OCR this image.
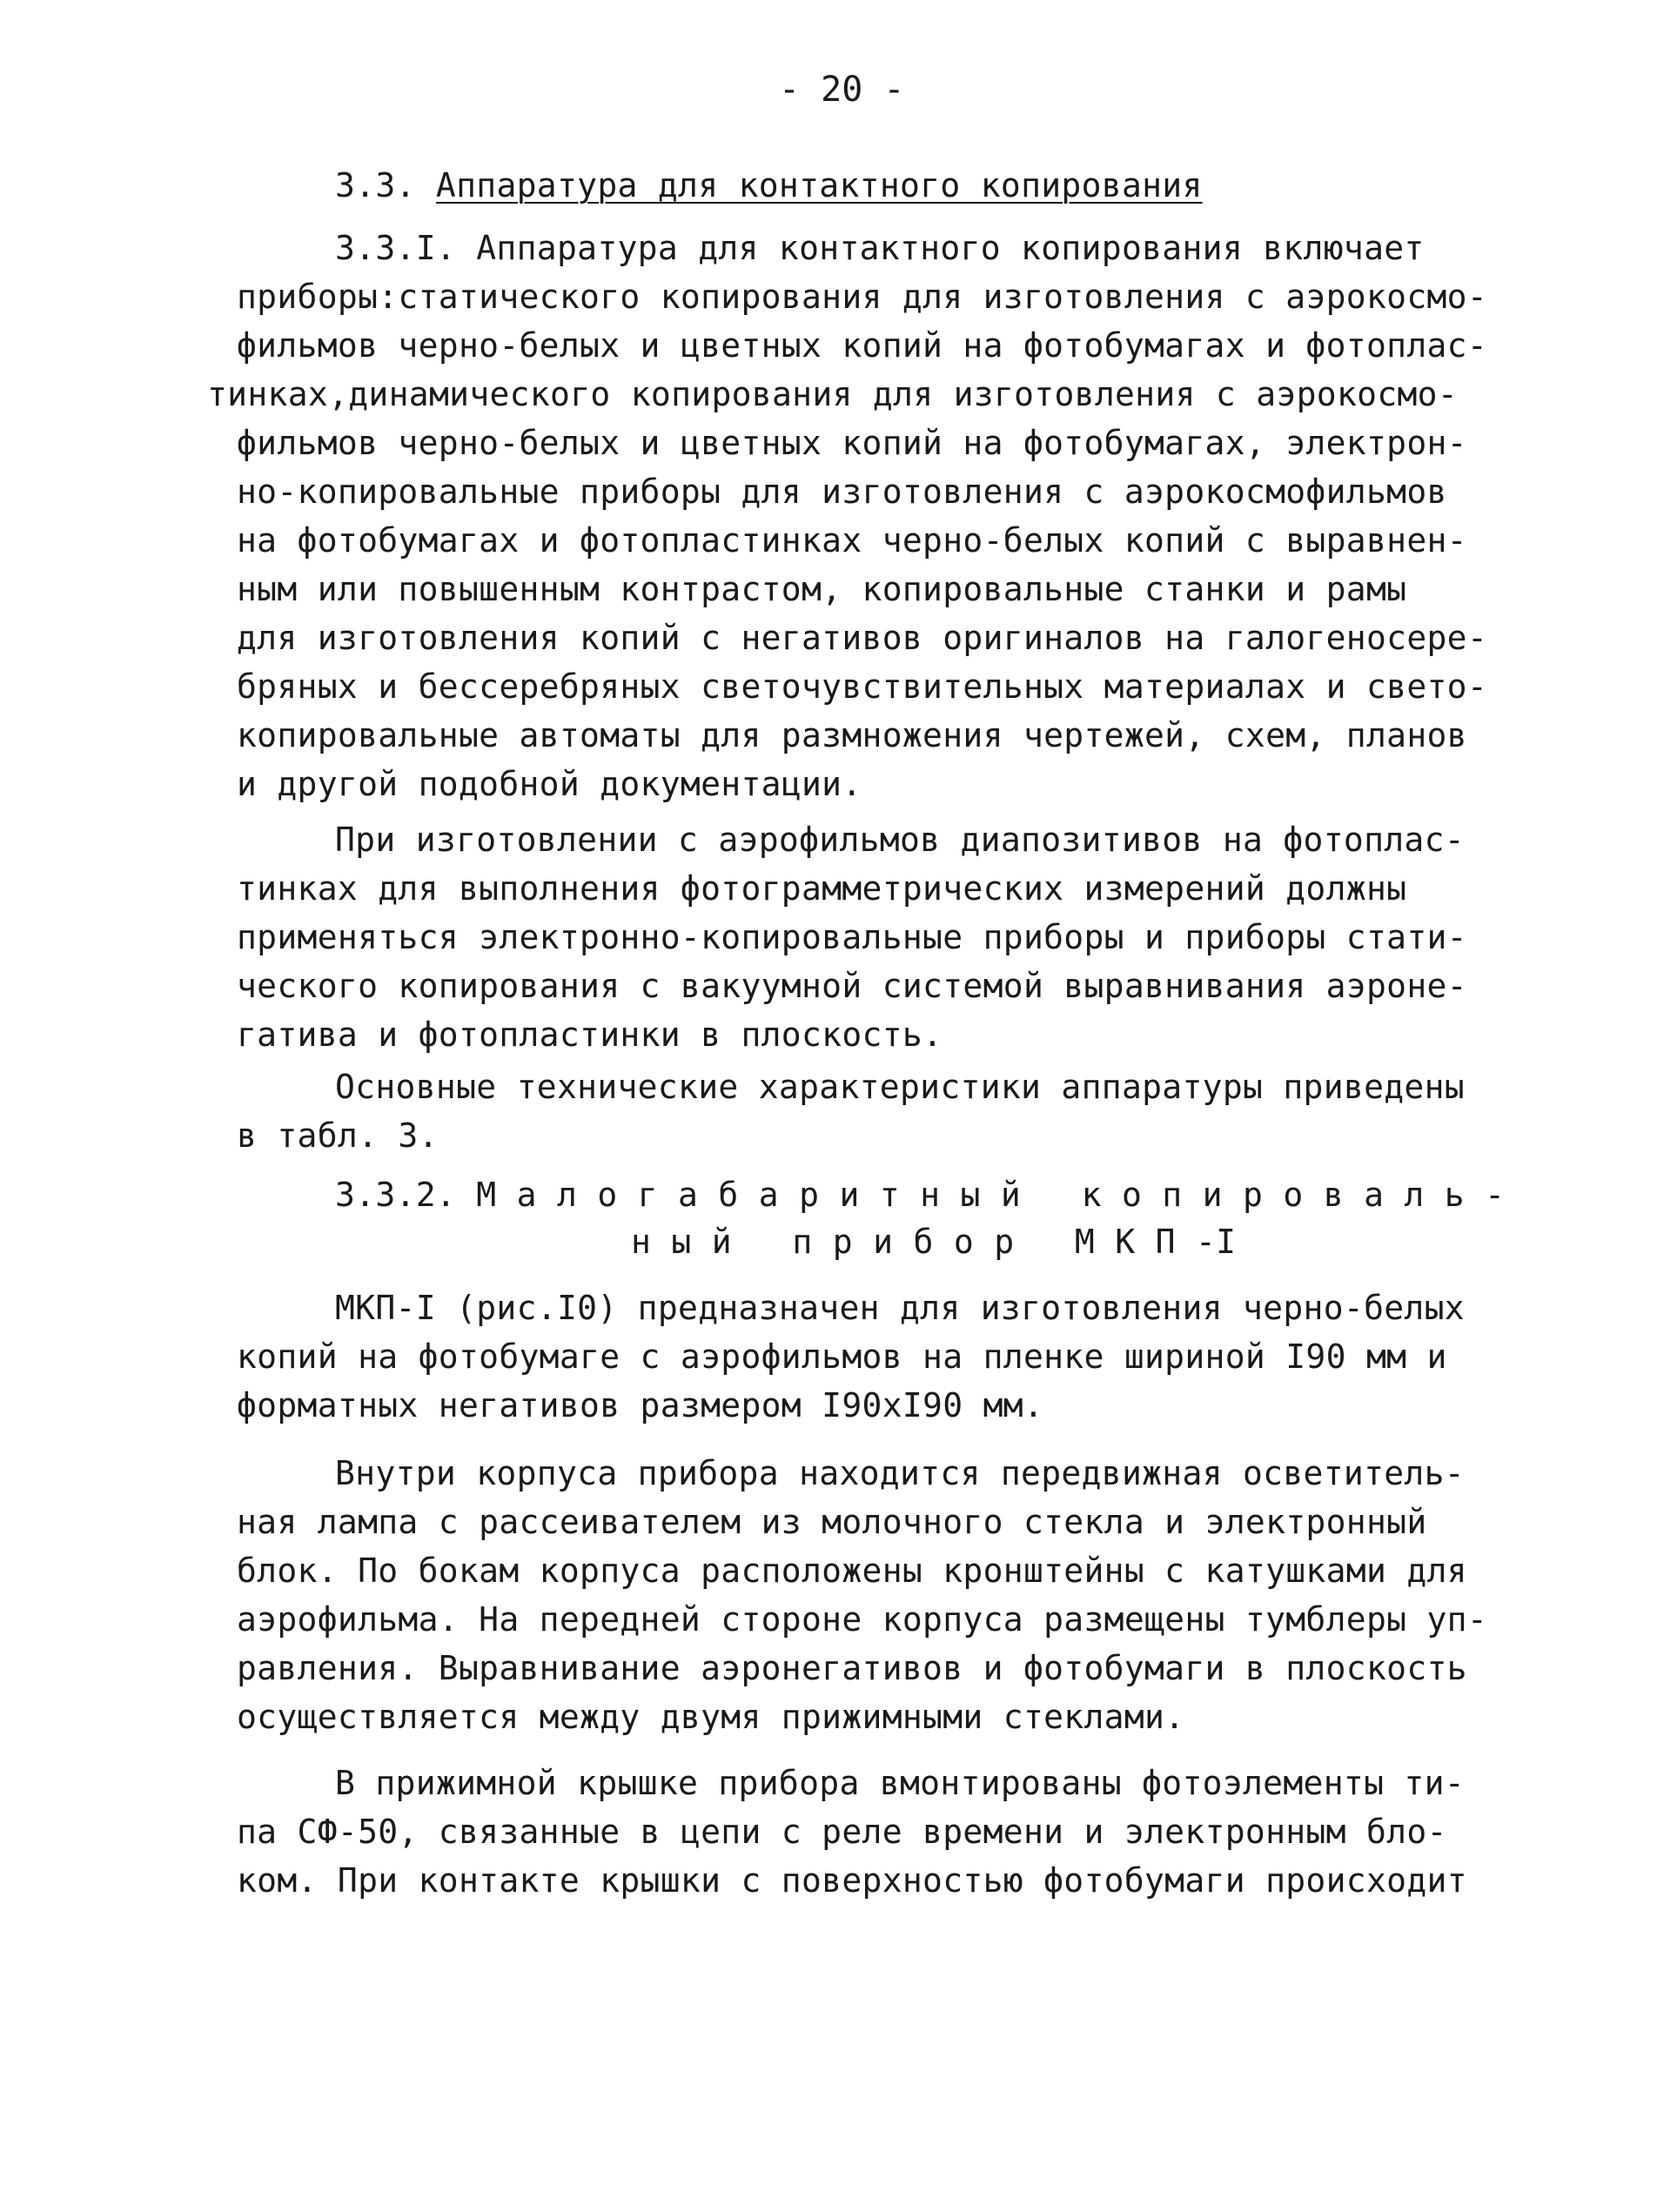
- 20 -
3.3. Аппаратура для контактного копирования
3.3.I. Аппаратура для контактного копирования включает
приборы:статического копирования для изготовления с аэрокосмо-
фильмов черно-белых и цветных копий на фотобумагах и фотоплас-
тинках,динамического копирования для изготовления с аэрокосмо-
фильмов черно-белых и цветных копий на фотобумагах, электрон-
но-копировальные приборы для изготовления с аэрокосмофильмов
на фотобумагах и фотопластинках черно-белых копий с выравнен-
ным или повышенным контрастом, копировальные станки и рамы
для изготовления копий с негативов оригиналов на галогеносере-
бряных и бессеребряных светочувствительных материалах и свето-
копировальные автоматы для размножения чертежей, схем, планов
и другой подобной документации.
При изготовлении с аэрофильмов диапозитивов на фотоплас-
тинках для выполнения фотограмметрических измерений должны
применяться электронно-копировальные приборы и приборы стати-
ческого копирования с вакуумной системой выравнивания аэроне-
гатива и фотопластинки в плоскость.
Основные технические характеристики аппаратуры приведены
в табл. 3.
3.3.2. М а л о г а б а р и т н ы й   к о п и р о в а л ь -
н ы й   п р и б о р   М К П -I
МКП-I (рис.I0) предназначен для изготовления черно-белых
копий на фотобумаге с аэрофильмов на пленке шириной I90 мм и
форматных негативов размером I90хI90 мм.
Внутри корпуса прибора находится передвижная осветитель-
ная лампа с рассеивателем из молочного стекла и электронный
блок. По бокам корпуса расположены кронштейны с катушками для
аэрофильма. На передней стороне корпуса размещены тумблеры уп-
равления. Выравнивание аэронегативов и фотобумаги в плоскость
осуществляется между двумя прижимными стеклами.
В прижимной крышке прибора вмонтированы фотоэлементы ти-
па СФ-50, связанные в цепи с реле времени и электронным бло-
ком. При контакте крышки с поверхностью фотобумаги происходит
